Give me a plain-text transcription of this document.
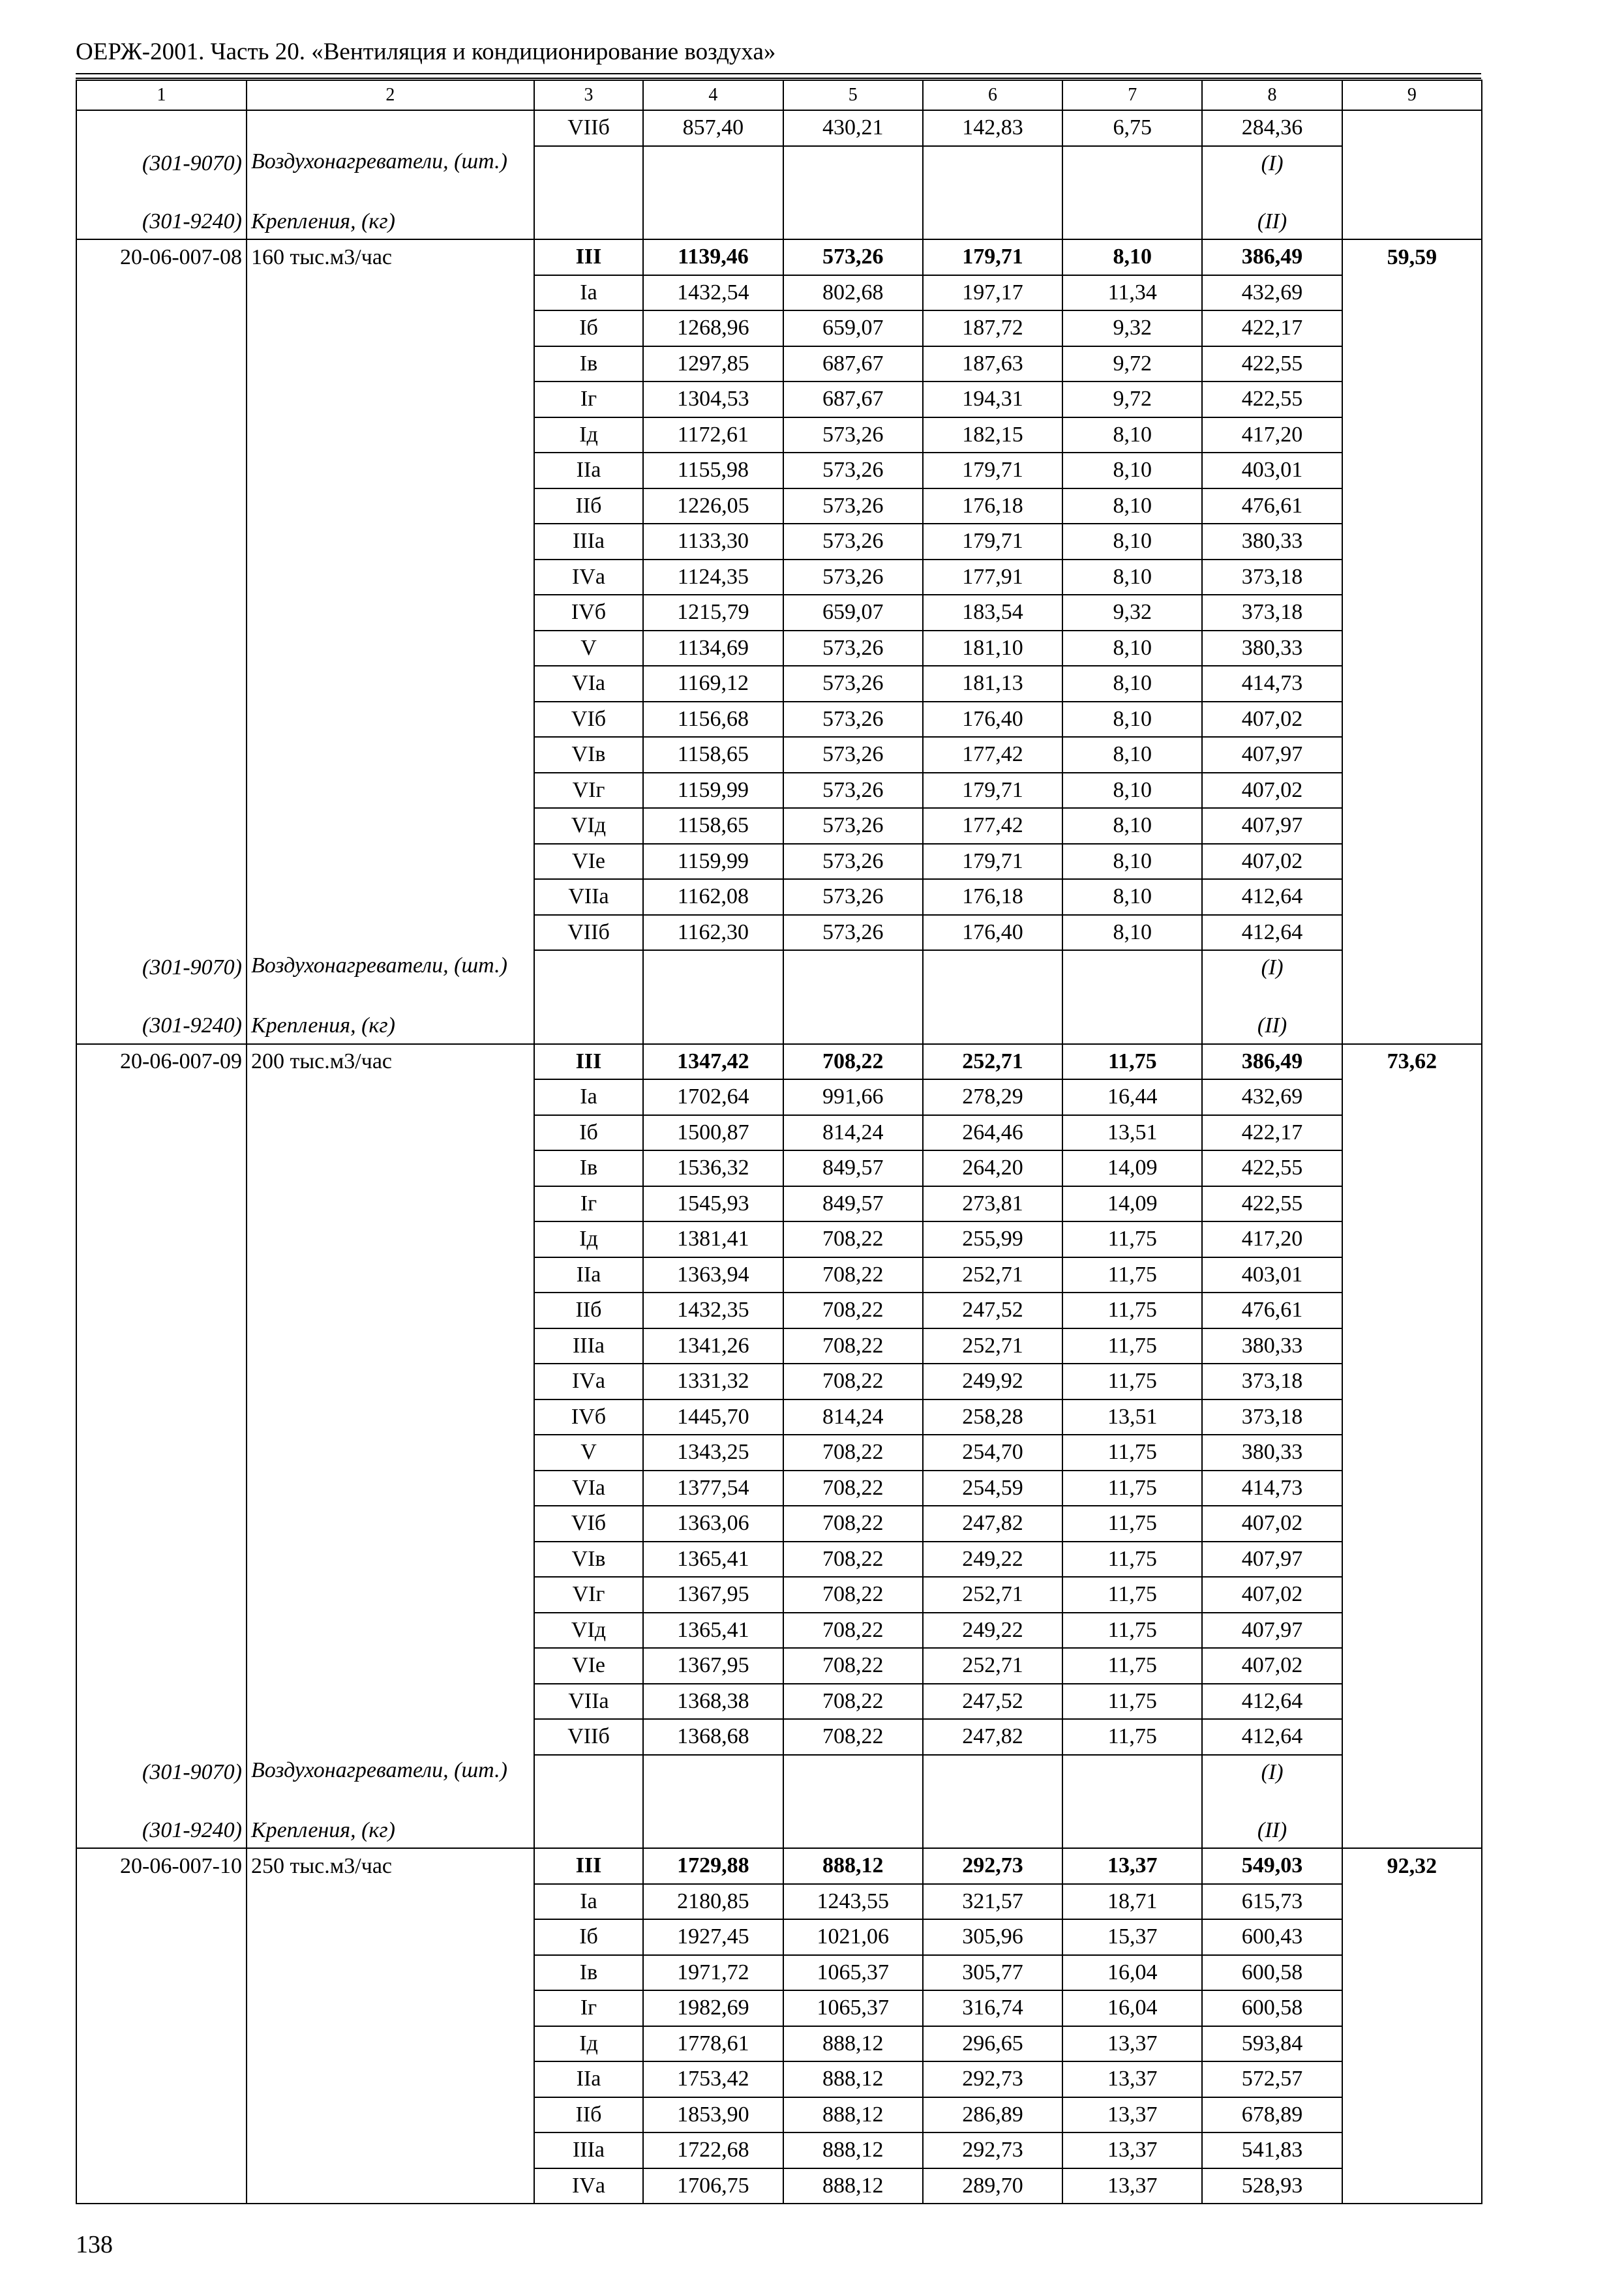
ОЕРЖ-2001. Часть 20. «Вентиляция и кондиционирование воздуха»
1	2	3	4	5	6	7	8	9
		VIIб	857,40	430,21	142,83	6,75	284,36	
(301-9070)	Воздухонагреватели, (шт.)						(I)	
(301-9240)	Крепления, (кг)						(II)	
20-06-007-08	160 тыс.м3/час	III	1139,46	573,26	179,71	8,10	386,49	59,59
		Iа	1432,54	802,68	197,17	11,34	432,69	
		Iб	1268,96	659,07	187,72	9,32	422,17	
		Iв	1297,85	687,67	187,63	9,72	422,55	
		Iг	1304,53	687,67	194,31	9,72	422,55	
		Iд	1172,61	573,26	182,15	8,10	417,20	
		IIа	1155,98	573,26	179,71	8,10	403,01	
		IIб	1226,05	573,26	176,18	8,10	476,61	
		IIIа	1133,30	573,26	179,71	8,10	380,33	
		IVа	1124,35	573,26	177,91	8,10	373,18	
		IVб	1215,79	659,07	183,54	9,32	373,18	
		V	1134,69	573,26	181,10	8,10	380,33	
		VIа	1169,12	573,26	181,13	8,10	414,73	
		VIб	1156,68	573,26	176,40	8,10	407,02	
		VIв	1158,65	573,26	177,42	8,10	407,97	
		VIг	1159,99	573,26	179,71	8,10	407,02	
		VIд	1158,65	573,26	177,42	8,10	407,97	
		VIе	1159,99	573,26	179,71	8,10	407,02	
		VIIа	1162,08	573,26	176,18	8,10	412,64	
		VIIб	1162,30	573,26	176,40	8,10	412,64	
(301-9070)	Воздухонагреватели, (шт.)						(I)	
(301-9240)	Крепления, (кг)						(II)	
20-06-007-09	200 тыс.м3/час	III	1347,42	708,22	252,71	11,75	386,49	73,62
		Iа	1702,64	991,66	278,29	16,44	432,69	
		Iб	1500,87	814,24	264,46	13,51	422,17	
		Iв	1536,32	849,57	264,20	14,09	422,55	
		Iг	1545,93	849,57	273,81	14,09	422,55	
		Iд	1381,41	708,22	255,99	11,75	417,20	
		IIа	1363,94	708,22	252,71	11,75	403,01	
		IIб	1432,35	708,22	247,52	11,75	476,61	
		IIIа	1341,26	708,22	252,71	11,75	380,33	
		IVа	1331,32	708,22	249,92	11,75	373,18	
		IVб	1445,70	814,24	258,28	13,51	373,18	
		V	1343,25	708,22	254,70	11,75	380,33	
		VIа	1377,54	708,22	254,59	11,75	414,73	
		VIб	1363,06	708,22	247,82	11,75	407,02	
		VIв	1365,41	708,22	249,22	11,75	407,97	
		VIг	1367,95	708,22	252,71	11,75	407,02	
		VIд	1365,41	708,22	249,22	11,75	407,97	
		VIе	1367,95	708,22	252,71	11,75	407,02	
		VIIа	1368,38	708,22	247,52	11,75	412,64	
		VIIб	1368,68	708,22	247,82	11,75	412,64	
(301-9070)	Воздухонагреватели, (шт.)						(I)	
(301-9240)	Крепления, (кг)						(II)	
20-06-007-10	250 тыс.м3/час	III	1729,88	888,12	292,73	13,37	549,03	92,32
		Iа	2180,85	1243,55	321,57	18,71	615,73	
		Iб	1927,45	1021,06	305,96	15,37	600,43	
		Iв	1971,72	1065,37	305,77	16,04	600,58	
		Iг	1982,69	1065,37	316,74	16,04	600,58	
		Iд	1778,61	888,12	296,65	13,37	593,84	
		IIа	1753,42	888,12	292,73	13,37	572,57	
		IIб	1853,90	888,12	286,89	13,37	678,89	
		IIIа	1722,68	888,12	292,73	13,37	541,83	
		IVа	1706,75	888,12	289,70	13,37	528,93	
138
